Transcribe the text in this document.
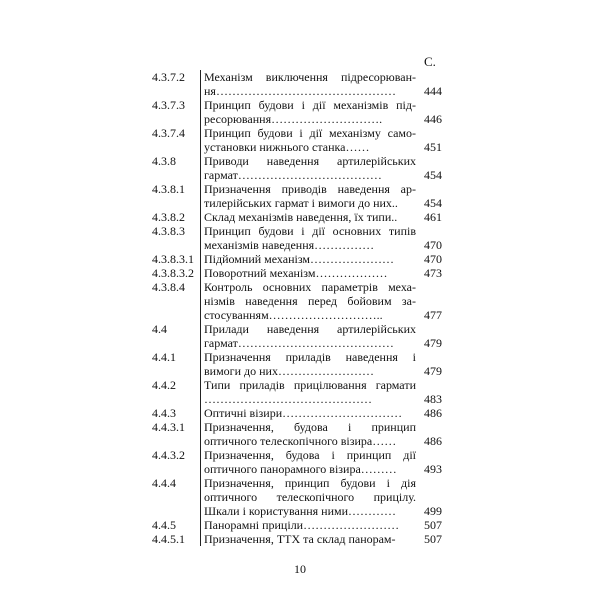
С.
4.3.7.2	Механізм виключення підресорюван-
ня………………………………………	444
4.3.7.3	Принцип будови і дії механізмів під-
ресорювання……………………….	446
4.3.7.4	Принцип будови і дії механізму само-
установки нижнього станка……	451
4.3.8	Приводи наведення артилерійських
гармат………………………………	454
4.3.8.1	Призначення приводів наведення ар-
тилерійських гармат і вимоги до них..	454
4.3.8.2	Склад механізмів наведення, їх типи..	461
4.3.8.3	Принцип будови і дії основних типів
механізмів наведення……………	470
4.3.8.3.1 Підйомний механізм…………………	470
4.3.8.3.2 Поворотний механізм………………	473
4.3.8.4	Контроль основних параметрів меха-
нізмів наведення перед бойовим за-
стосуванням………………………..	477
4.4	Прилади наведення артилерійських
гармат…………………………………	479
4.4.1	Призначення приладів наведення і
вимоги до них……………………	479
4.4.2	Типи приладів прицілювання гармати
……………………………………	483
4.4.3	Оптичні візири…………………………	486
4.4.3.1	Призначення, будова і принцип
оптичного телескопічного візира……	486
4.4.3.2	Призначення, будова і принцип дії
оптичного панорамного візира………	493
4.4.4	Призначення, принцип будови і дія
оптичного телескопічного прицілу.
Шкали і користування ними…………	499
4.4.5	Панорамні приціли……………………	507
4.4.5.1	Призначення, ТТХ та склад панорам-	507
10
